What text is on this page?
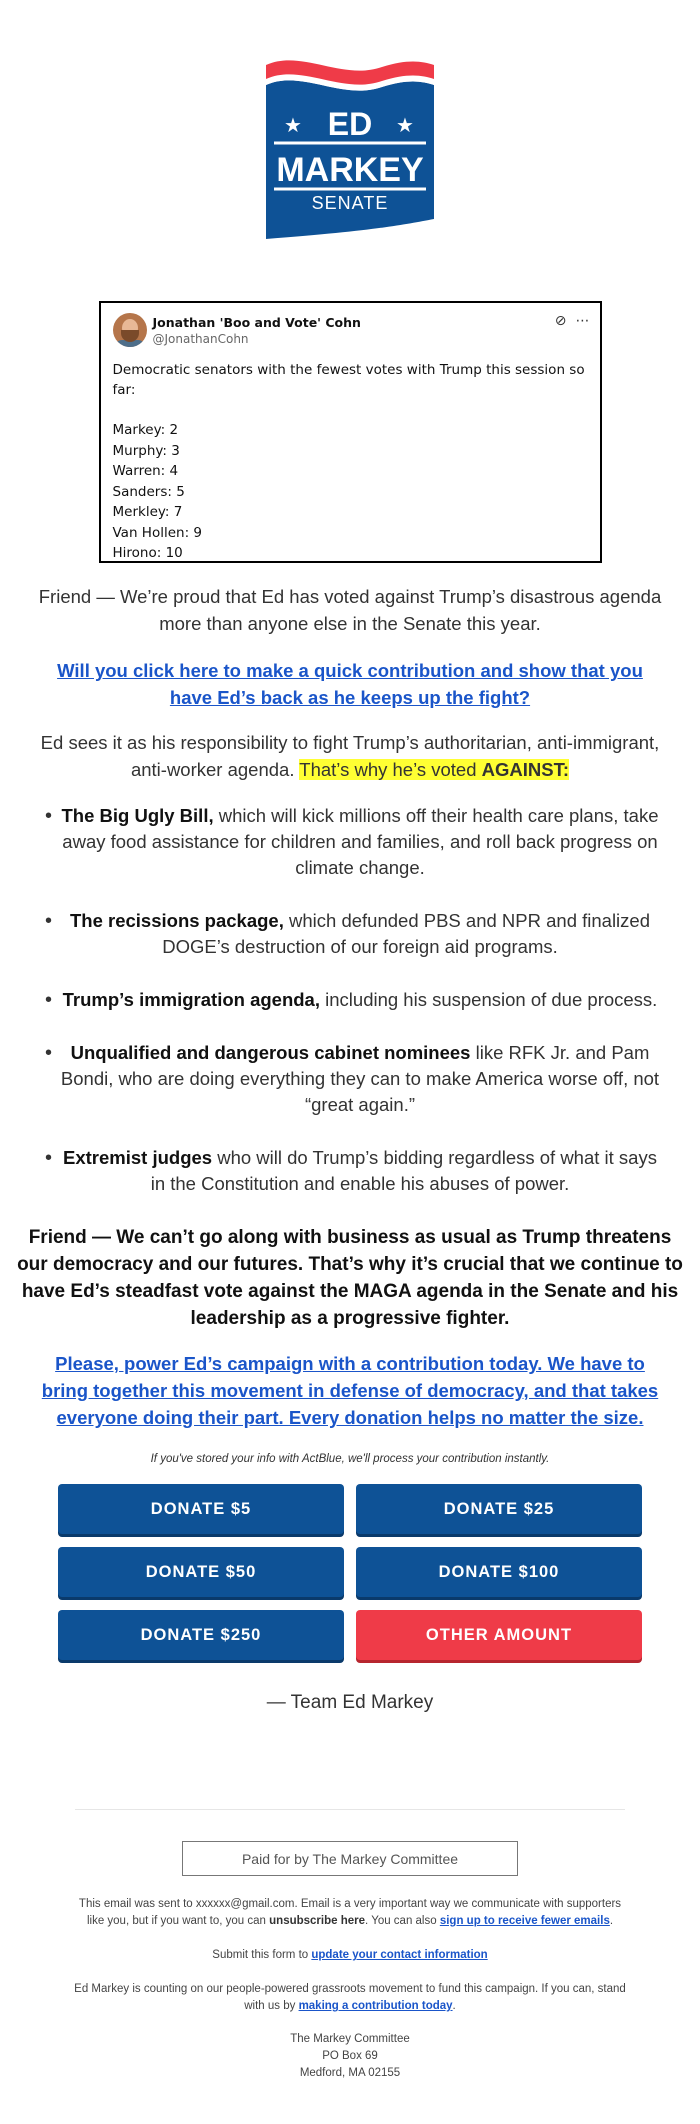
★ ED ★
MARKEY
SENATE
Jonathan 'Boo and Vote' Cohn
@JonathanCohn
⊘ ⋯
Democratic senators with the fewest votes with Trump this session so far:
Markey: 2
Murphy: 3
Warren: 4
Sanders: 5
Merkley: 7
Van Hollen: 9
Hirono: 10

Friend — We’re proud that Ed has voted against Trump’s disastrous agenda more than anyone else in the Senate this year.

Will you click here to make a quick contribution and show that you have Ed’s back as he keeps up the fight?

Ed sees it as his responsibility to fight Trump’s authoritarian, anti-immigrant, anti-worker agenda. That’s why he’s voted AGAINST:

• The Big Ugly Bill, which will kick millions off their health care plans, take away food assistance for children and families, and roll back progress on climate change.
• The recissions package, which defunded PBS and NPR and finalized DOGE’s destruction of our foreign aid programs.
• Trump’s immigration agenda, including his suspension of due process.
• Unqualified and dangerous cabinet nominees like RFK Jr. and Pam Bondi, who are doing everything they can to make America worse off, not “great again.”
• Extremist judges who will do Trump’s bidding regardless of what it says in the Constitution and enable his abuses of power.

Friend — We can’t go along with business as usual as Trump threatens our democracy and our futures. That’s why it’s crucial that we continue to have Ed’s steadfast vote against the MAGA agenda in the Senate and his leadership as a progressive fighter.

Please, power Ed’s campaign with a contribution today. We have to bring together this movement in defense of democracy, and that takes everyone doing their part. Every donation helps no matter the size.

If you've stored your info with ActBlue, we'll process your contribution instantly.
DONATE $5	DONATE $25
DONATE $50	DONATE $100
DONATE $250	OTHER AMOUNT
— Team Ed Markey
Paid for by The Markey Committee

This email was sent to xxxxxx@gmail.com. Email is a very important way we communicate with supporters like you, but if you want to, you can unsubscribe here. You can also sign up to receive fewer emails.

Submit this form to update your contact information

Ed Markey is counting on our people-powered grassroots movement to fund this campaign. If you can, stand with us by making a contribution today.

The Markey Committee
PO Box 69
Medford, MA 02155
